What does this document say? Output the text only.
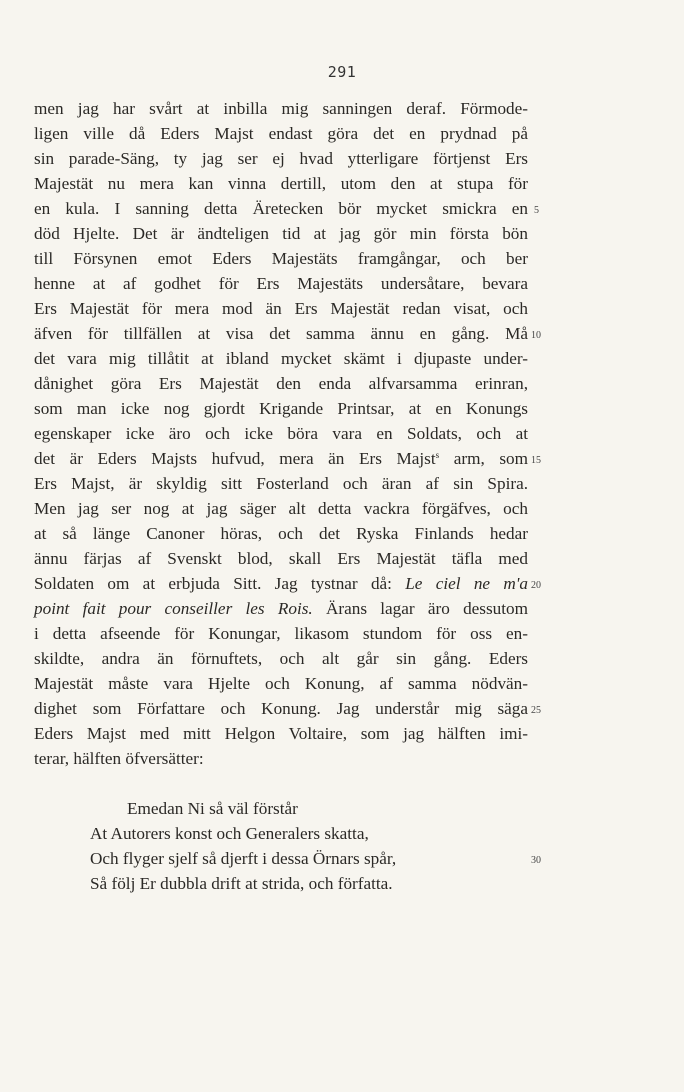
291
men jag har svårt at inbilla mig sanningen deraf. Förmode-
ligen ville då Eders Majst endast göra det en prydnad på
sin parade-Säng, ty jag ser ej hvad ytterligare förtjenst Ers
Majestät nu mera kan vinna dertill, utom den at stupa för
en kula. I sanning detta Äretecken bör mycket smickra en
död Hjelte. Det är ändteligen tid at jag gör min första bön
till Försynen emot Eders Majestäts framgångar, och ber
henne at af godhet för Ers Majestäts undersåtare, bevara
Ers Majestät för mera mod än Ers Majestät redan visat, och
äfven för tillfällen at visa det samma ännu en gång. Må
det vara mig tillåtit at ibland mycket skämt i djupaste under-
dånighet göra Ers Majestät den enda alfvarsamma erinran,
som man icke nog gjordt Krigande Printsar, at en Konungs
egenskaper icke äro och icke böra vara en Soldats, och at
det är Eders Majsts hufvud, mera än Ers Majst$^s$ arm, som
Ers Majst, är skyldig sitt Fosterland och äran af sin Spira.
Men jag ser nog at jag säger alt detta vackra förgäfves, och
at så länge Canoner höras, och det Ryska Finlands hedar
ännu färjas af Svenskt blod, skall Ers Majestät täfla med
Soldaten om at erbjuda Sitt. Jag tystnar då: Le ciel ne m'a
point fait pour conseiller les Rois. Ärans lagar äro dessutom
i detta afseende för Konungar, likasom stundom för oss en-
skildte, andra än förnuftets, och alt går sin gång. Eders
Majestät måste vara Hjelte och Konung, af samma nödvän-
dighet som Författare och Konung. Jag understår mig säga
Eders Majst med mitt Helgon Voltaire, som jag hälften imi-
terar, hälften öfversätter:
Emedan Ni så väl förstår
At Autorers konst och Generalers skatta,
Och flyger sjelf så djerft i dessa Örnars spår,
Så följ Er dubbla drift at strida, och författa.
5
10
15
20
25
30
